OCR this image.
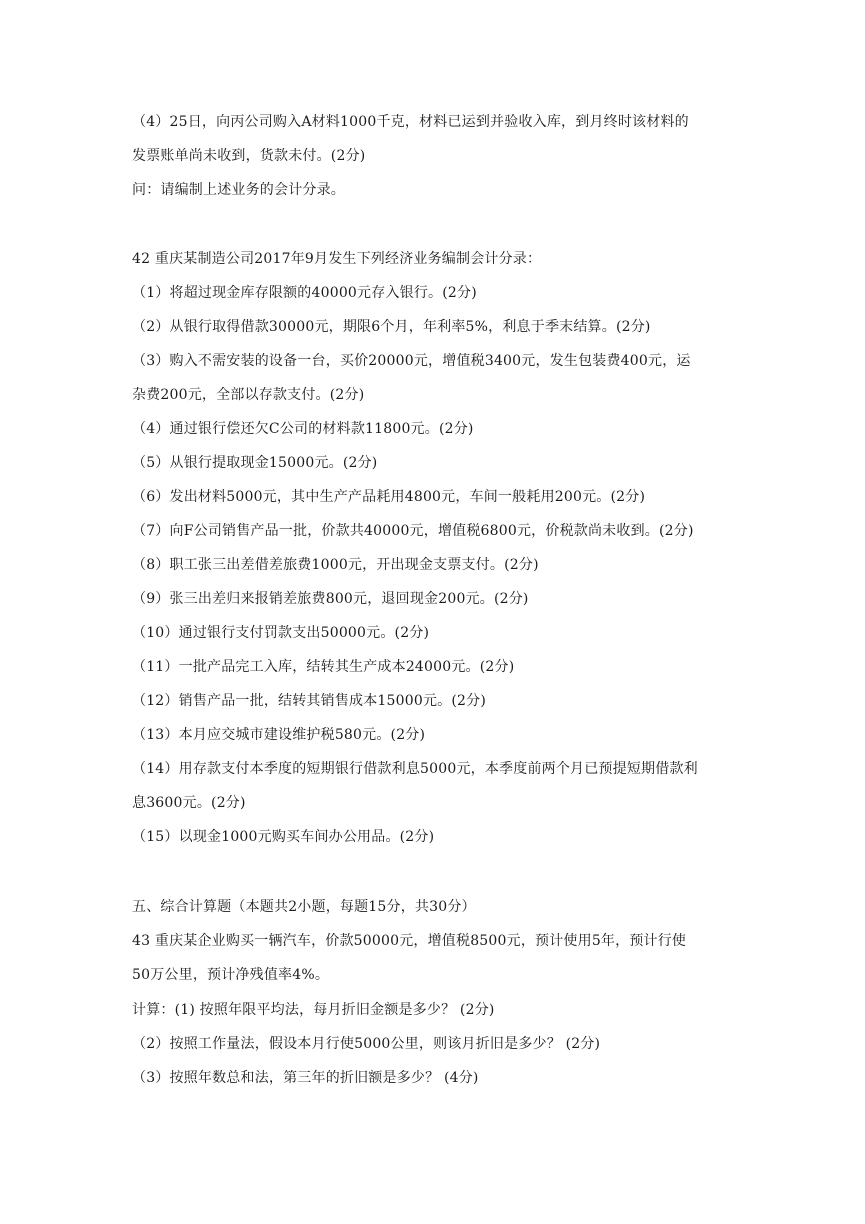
（4）25日，向丙公司购入A材料1000千克，材料已运到并验收入库，到月终时该材料的
发票账单尚未收到，货款未付。(2分)
问：请编制上述业务的会计分录。
42 重庆某制造公司2017年9月发生下列经济业务编制会计分录：
（1）将超过现金库存限额的40000元存入银行。(2分)
（2）从银行取得借款30000元，期限6个月，年利率5%，利息于季末结算。(2分)
（3）购入不需安装的设备一台，买价20000元，增值税3400元，发生包装费400元，运
杂费200元，全部以存款支付。(2分)
（4）通过银行偿还欠C公司的材料款11800元。(2分)
（5）从银行提取现金15000元。(2分)
（6）发出材料5000元，其中生产产品耗用4800元，车间一般耗用200元。(2分)
（7）向F公司销售产品一批，价款共40000元，增值税6800元，价税款尚未收到。(2分)
（8）职工张三出差借差旅费1000元，开出现金支票支付。(2分)
（9）张三出差归来报销差旅费800元，退回现金200元。(2分)
（10）通过银行支付罚款支出50000元。(2分)
（11）一批产品完工入库，结转其生产成本24000元。(2分)
（12）销售产品一批，结转其销售成本15000元。(2分)
（13）本月应交城市建设维护税580元。(2分)
（14）用存款支付本季度的短期银行借款利息5000元，本季度前两个月已预提短期借款利
息3600元。(2分)
（15）以现金1000元购买车间办公用品。(2分)
五、综合计算题（本题共2小题，每题15分，共30分）
43 重庆某企业购买一辆汽车，价款50000元，增值税8500元，预计使用5年，预计行使
50万公里，预计净残值率4%。
计算：(1) 按照年限平均法，每月折旧金额是多少？ (2分)
（2）按照工作量法，假设本月行使5000公里，则该月折旧是多少？ (2分)
（3）按照年数总和法，第三年的折旧额是多少？ (4分)
